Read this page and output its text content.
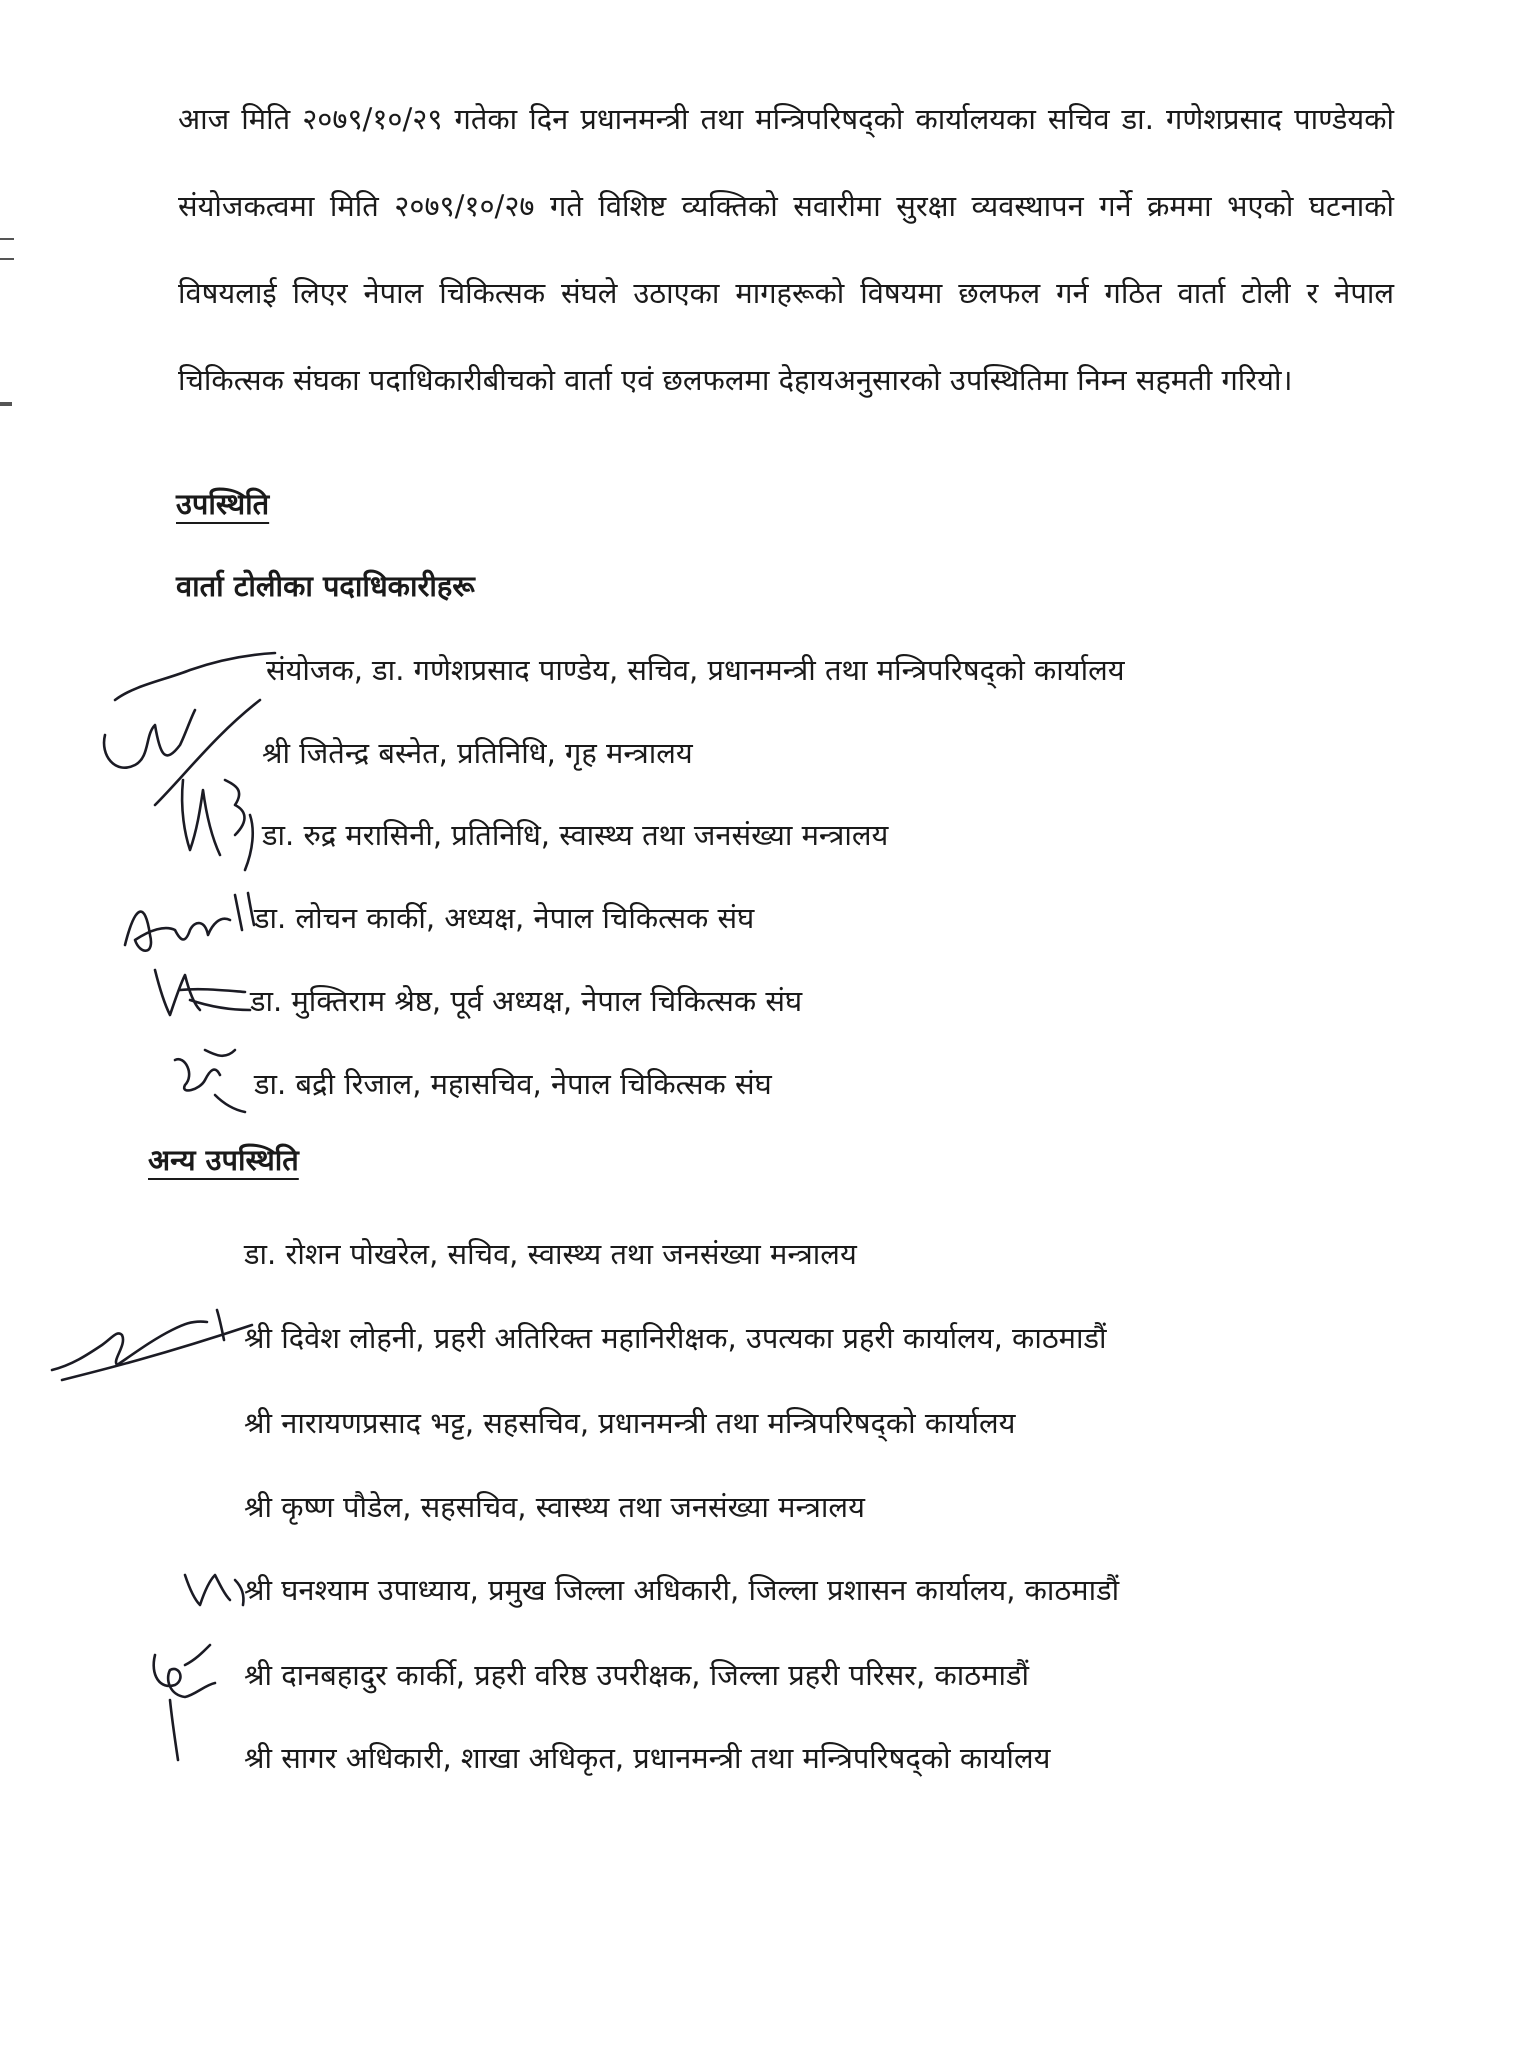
आज मिति २०७९/१०/२९ गतेका दिन प्रधानमन्त्री तथा मन्त्रिपरिषद्को कार्यालयका सचिव डा. गणेशप्रसाद पाण्डेयको संयोजकत्वमा मिति २०७९/१०/२७ गते विशिष्ट व्यक्तिको सवारीमा सुरक्षा व्यवस्थापन गर्ने क्रममा भएको घटनाको विषयलाई लिएर नेपाल चिकित्सक संघले उठाएका मागहरूको विषयमा छलफल गर्न गठित वार्ता टोली र नेपाल चिकित्सक संघका पदाधिकारीबीचको वार्ता एवं छलफलमा देहायअनुसारको उपस्थितिमा निम्न सहमती गरियो।

उपस्थिति
वार्ता टोलीका पदाधिकारीहरू

संयोजक, डा. गणेशप्रसाद पाण्डेय, सचिव, प्रधानमन्त्री तथा मन्त्रिपरिषद्को कार्यालय

श्री जितेन्द्र बस्नेत, प्रतिनिधि, गृह मन्त्रालय

डा. रुद्र मरासिनी, प्रतिनिधि, स्वास्थ्य तथा जनसंख्या मन्त्रालय

डा. लोचन कार्की, अध्यक्ष, नेपाल चिकित्सक संघ

डा. मुक्तिराम श्रेष्ठ, पूर्व अध्यक्ष, नेपाल चिकित्सक संघ

डा. बद्री रिजाल, महासचिव, नेपाल चिकित्सक संघ

अन्य उपस्थिति

डा. रोशन पोखरेल, सचिव, स्वास्थ्य तथा जनसंख्या मन्त्रालय

श्री दिवेश लोहनी, प्रहरी अतिरिक्त महानिरीक्षक, उपत्यका प्रहरी कार्यालय, काठमाडौं

श्री नारायणप्रसाद भट्ट, सहसचिव, प्रधानमन्त्री तथा मन्त्रिपरिषद्को कार्यालय

श्री कृष्ण पौडेल, सहसचिव, स्वास्थ्य तथा जनसंख्या मन्त्रालय

श्री घनश्याम उपाध्याय, प्रमुख जिल्ला अधिकारी, जिल्ला प्रशासन कार्यालय, काठमाडौं

श्री दानबहादुर कार्की, प्रहरी वरिष्ठ उपरीक्षक, जिल्ला प्रहरी परिसर, काठमाडौं

श्री सागर अधिकारी, शाखा अधिकृत, प्रधानमन्त्री तथा मन्त्रिपरिषद्को कार्यालय
